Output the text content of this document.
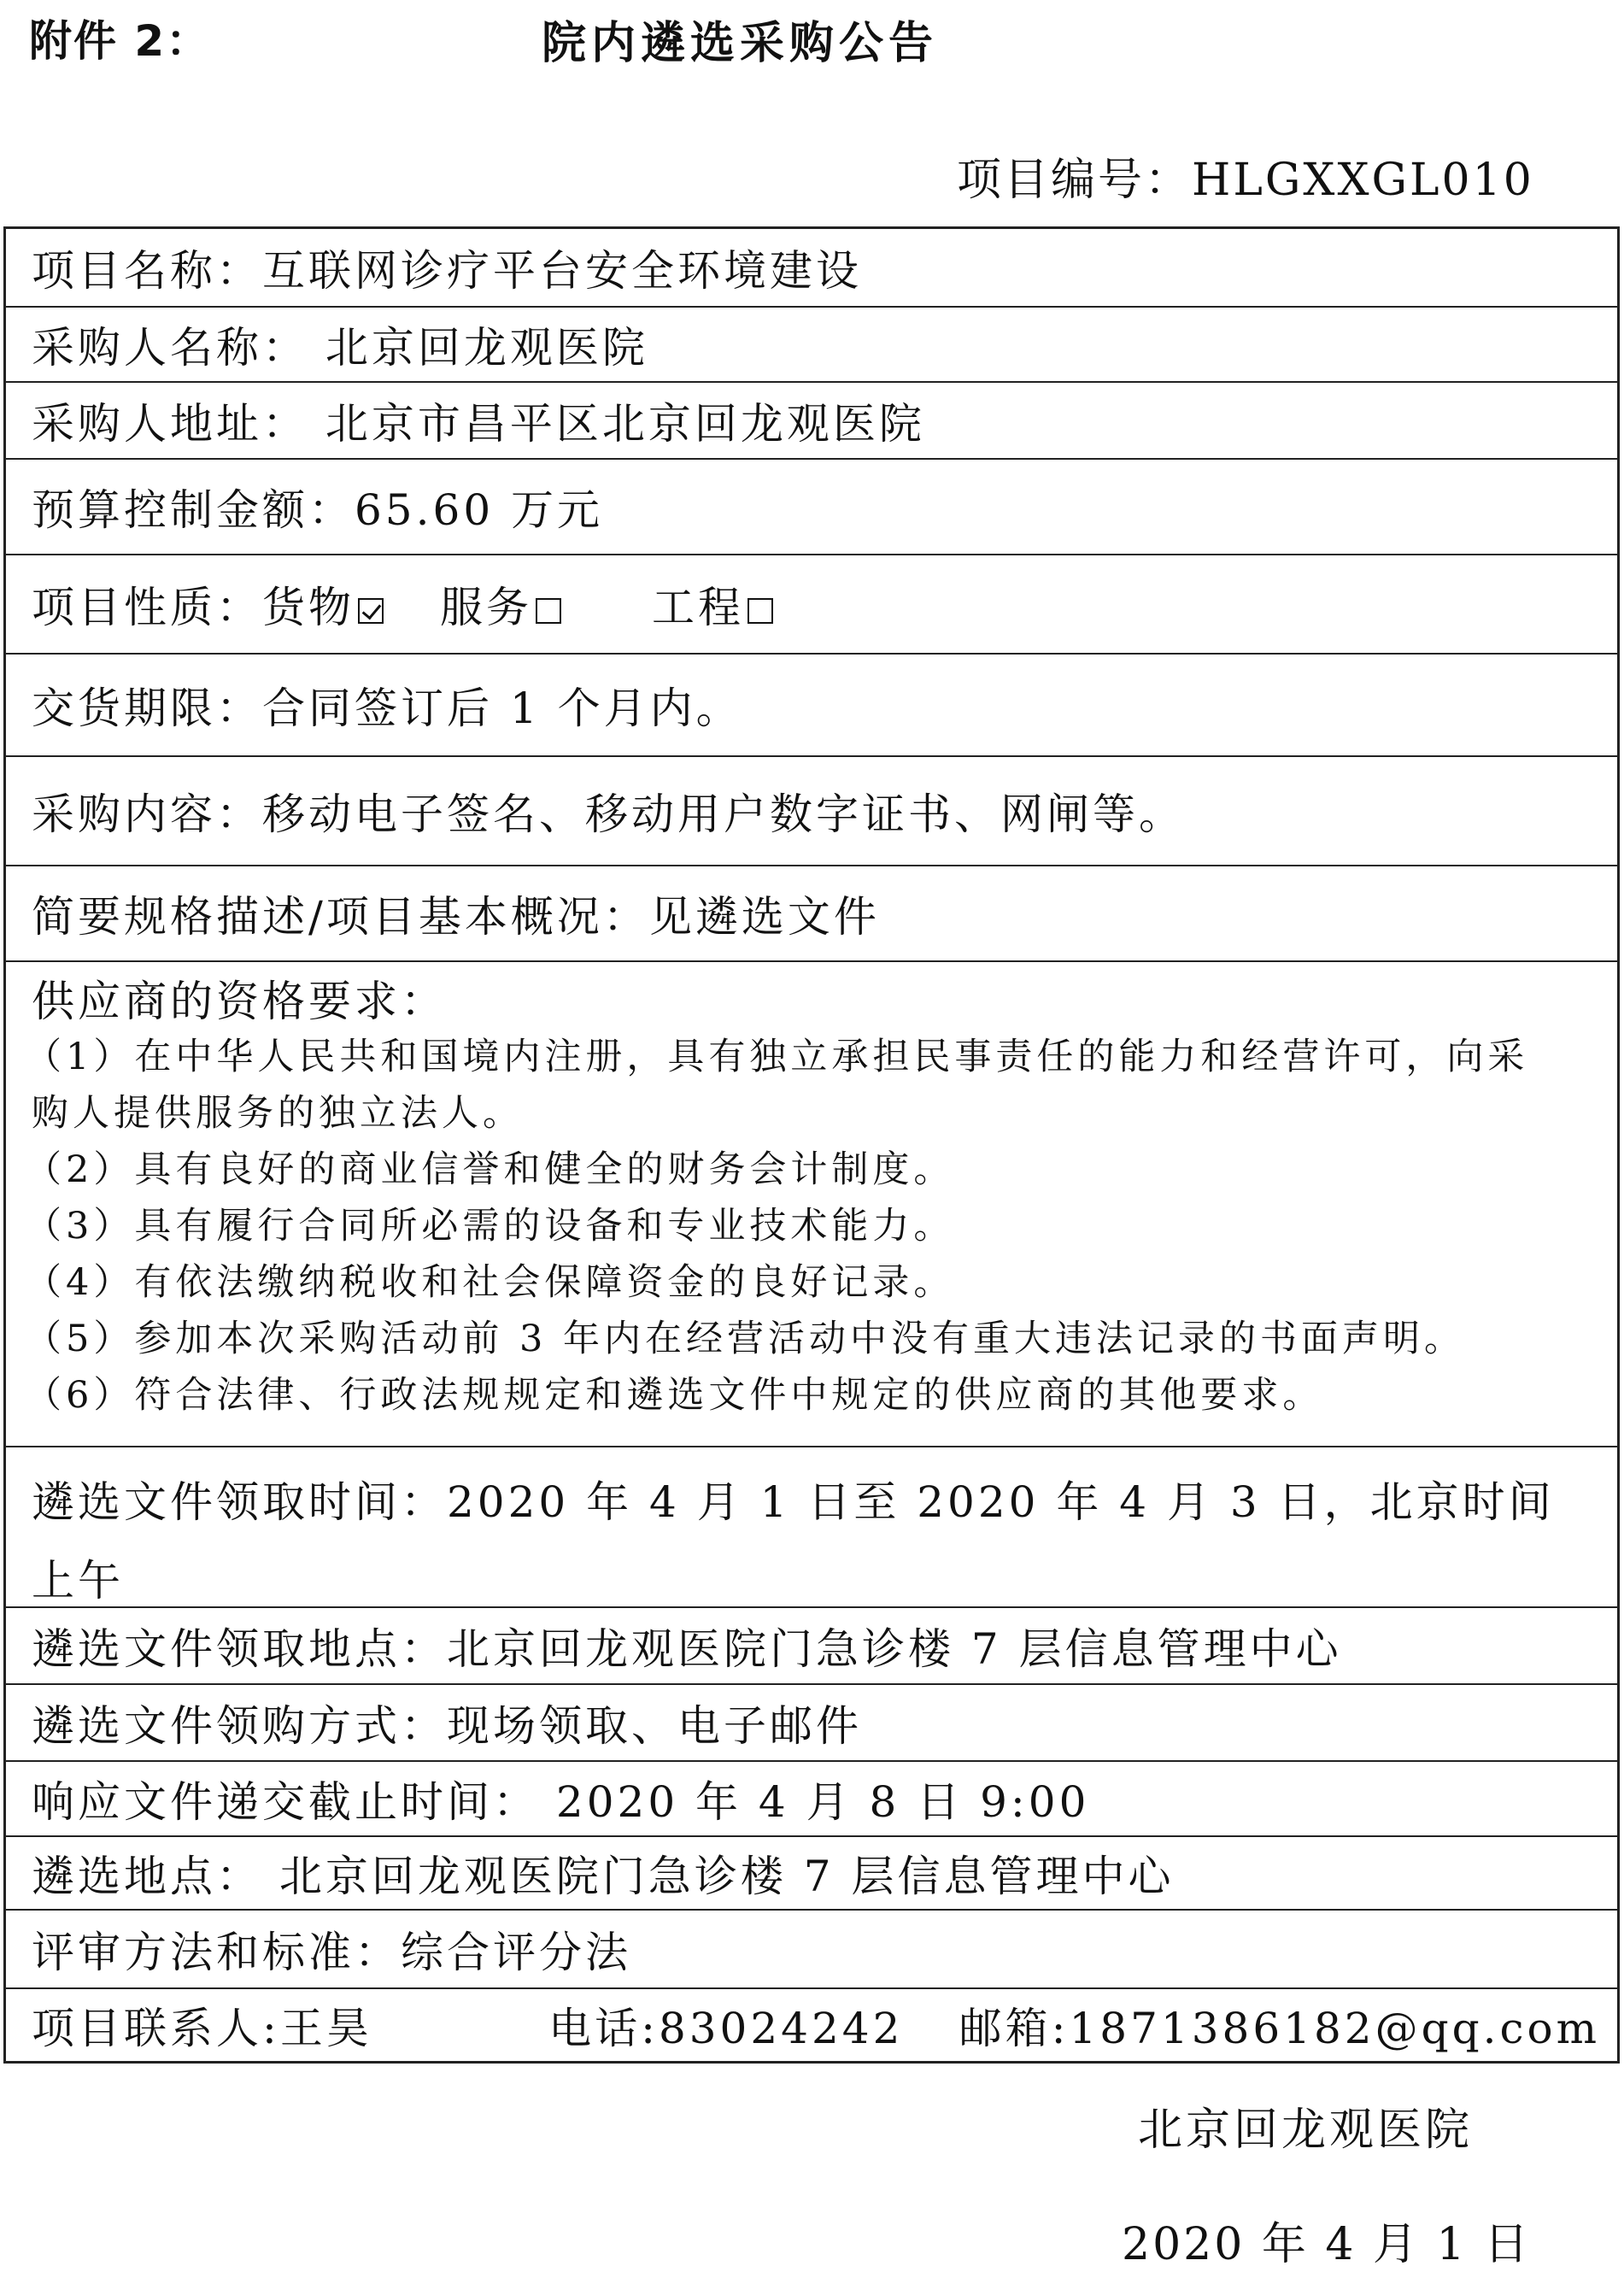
附件 2：	院内遴选采购公告
项目编号：HLGXXGL010
项目名称： 互联网诊疗平台安全环境建设
采购人名称：
北京回龙观医院
采购人地址：
北京市昌平区北京回龙观医院
预算控制金额： 65.60 万元
项目性质： 货物	服务	工程
交货期限： 合同签订后 1 个月内。
采购内容： 移动电子签名、移动用户数字证书、网闸等。
简要规格描述/项目基本概况： 见遴选文件
供应商的资格要求：
（1）在中华人民共和国境内注册，具有独立承担民事责任的能力和经营许可，向采
购人提供服务的独立法人。
（2）具有良好的商业信誉和健全的财务会计制度。
（3）具有履行合同所必需的设备和专业技术能力。
（4）有依法缴纳税收和社会保障资金的良好记录。
（5）参加本次采购活动前 3 年内在经营活动中没有重大违法记录的书面声明。
（6）符合法律、行政法规规定和遴选文件中规定的供应商的其他要求。
遴选文件领取时间：2020 年 4 月 1 日至 2020 年 4 月 3 日，北京时间上午
遴选文件领取地点： 北京回龙观医院门急诊楼 7 层信息管理中心
遴选文件领购方式： 现场领取、电子邮件
响应文件递交截止时间： 2020 年 4 月 8 日 9:00
遴选地点： 北京回龙观医院门急诊楼 7 层信息管理中心
评审方法和标准： 综合评分法
项目联系人:王昊	电话:83024242	邮箱:1871386182@qq.com
北京回龙观医院
2020 年 4 月 1 日
